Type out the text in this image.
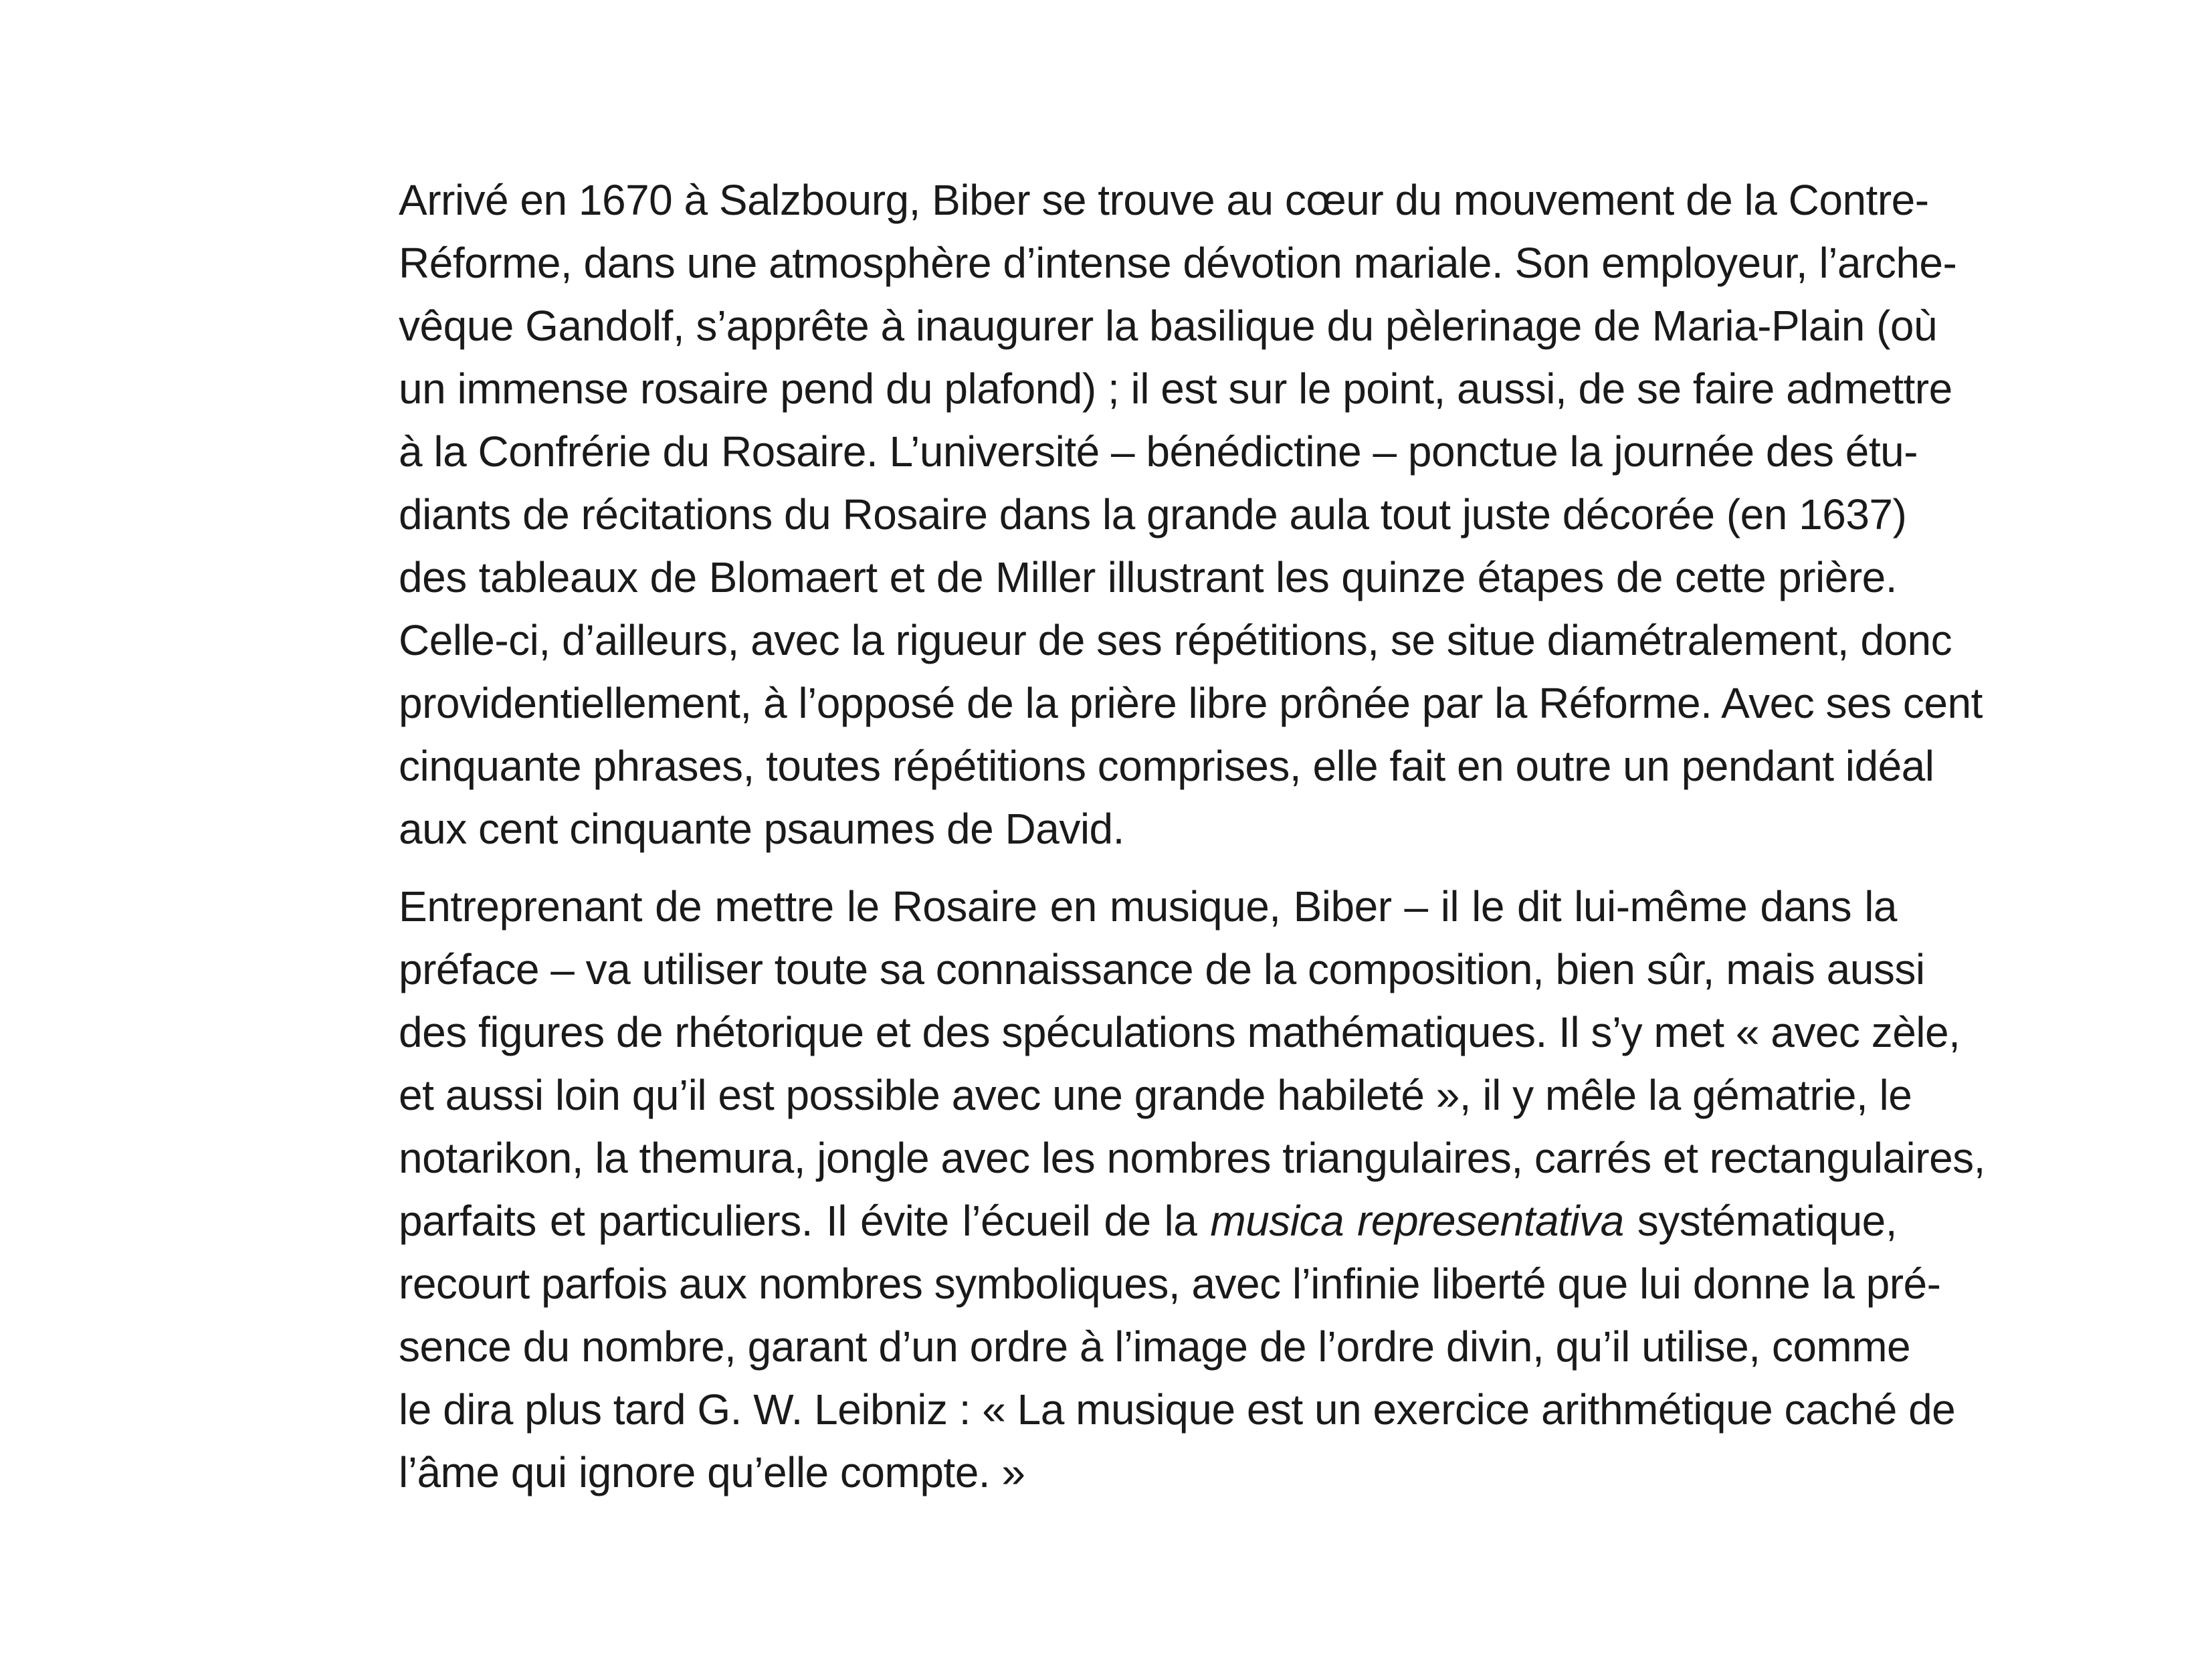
Arrivé en 1670 à Salzbourg, Biber se trouve au cœur du mouvement de la Contre-
Réforme, dans une atmosphère d’intense dévotion mariale. Son employeur, l’arche-
vêque Gandolf, s’apprête à inaugurer la basilique du pèlerinage de Maria-Plain (où
un immense rosaire pend du plafond) ; il est sur le point, aussi, de se faire admettre
à la Confrérie du Rosaire. L’université – bénédictine – ponctue la journée des étu-
diants de récitations du Rosaire dans la grande aula tout juste décorée (en 1637)
des tableaux de Blomaert et de Miller illustrant les quinze étapes de cette prière.
Celle-ci, d’ailleurs, avec la rigueur de ses répétitions, se situe diamétralement, donc
providentiellement, à l’opposé de la prière libre prônée par la Réforme. Avec ses cent
cinquante phrases, toutes répétitions comprises, elle fait en outre un pendant idéal
aux cent cinquante psaumes de David.
Entreprenant de mettre le Rosaire en musique, Biber – il le dit lui-même dans la
préface – va utiliser toute sa connaissance de la composition, bien sûr, mais aussi
des figures de rhétorique et des spéculations mathématiques. Il s’y met « avec zèle,
et aussi loin qu’il est possible avec une grande habileté », il y mêle la gématrie, le
notarikon, la themura, jongle avec les nombres triangulaires, carrés et rectangulaires,
parfaits et particuliers. Il évite l’écueil de la musica representativa systématique,
recourt parfois aux nombres symboliques, avec l’infinie liberté que lui donne la pré-
sence du nombre, garant d’un ordre à l’image de l’ordre divin, qu’il utilise, comme
le dira plus tard G. W. Leibniz : « La musique est un exercice arithmétique caché de
l’âme qui ignore qu’elle compte. »
